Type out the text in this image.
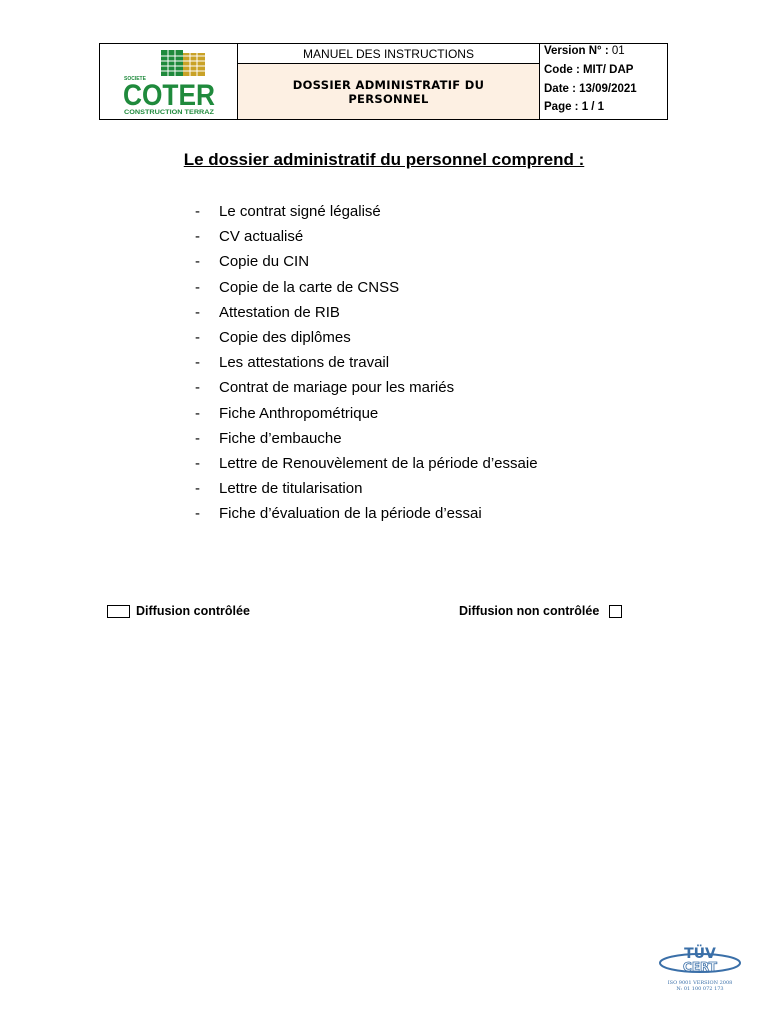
SOCIETE
COTER
CONSTRUCTION TERRAZ
MANUEL DES INSTRUCTIONS
DOSSIER ADMINISTRATIF DU PERSONNEL
Version N° : 01
Code : MIT/ DAP
Date : 13/09/2021
Page : 1 / 1
Le dossier administratif du personnel comprend :
-	Le contrat signé légalisé
-	CV actualisé
-	Copie du CIN
-	Copie de la carte de CNSS
-	Attestation de RIB
-	Copie des diplômes
-	Les attestations de travail
-	Contrat de mariage pour les mariés
-	Fiche Anthropométrique
-	Fiche d’embauche
-	Lettre de Renouvèlement de la période d’essaie
-	Lettre de titularisation
-	Fiche d’évaluation de la période d’essai
Diffusion contrôlée	Diffusion non contrôlée
TÜV
CERT
ISO 9001 VERSION 2008
N: 01 100 072 173
